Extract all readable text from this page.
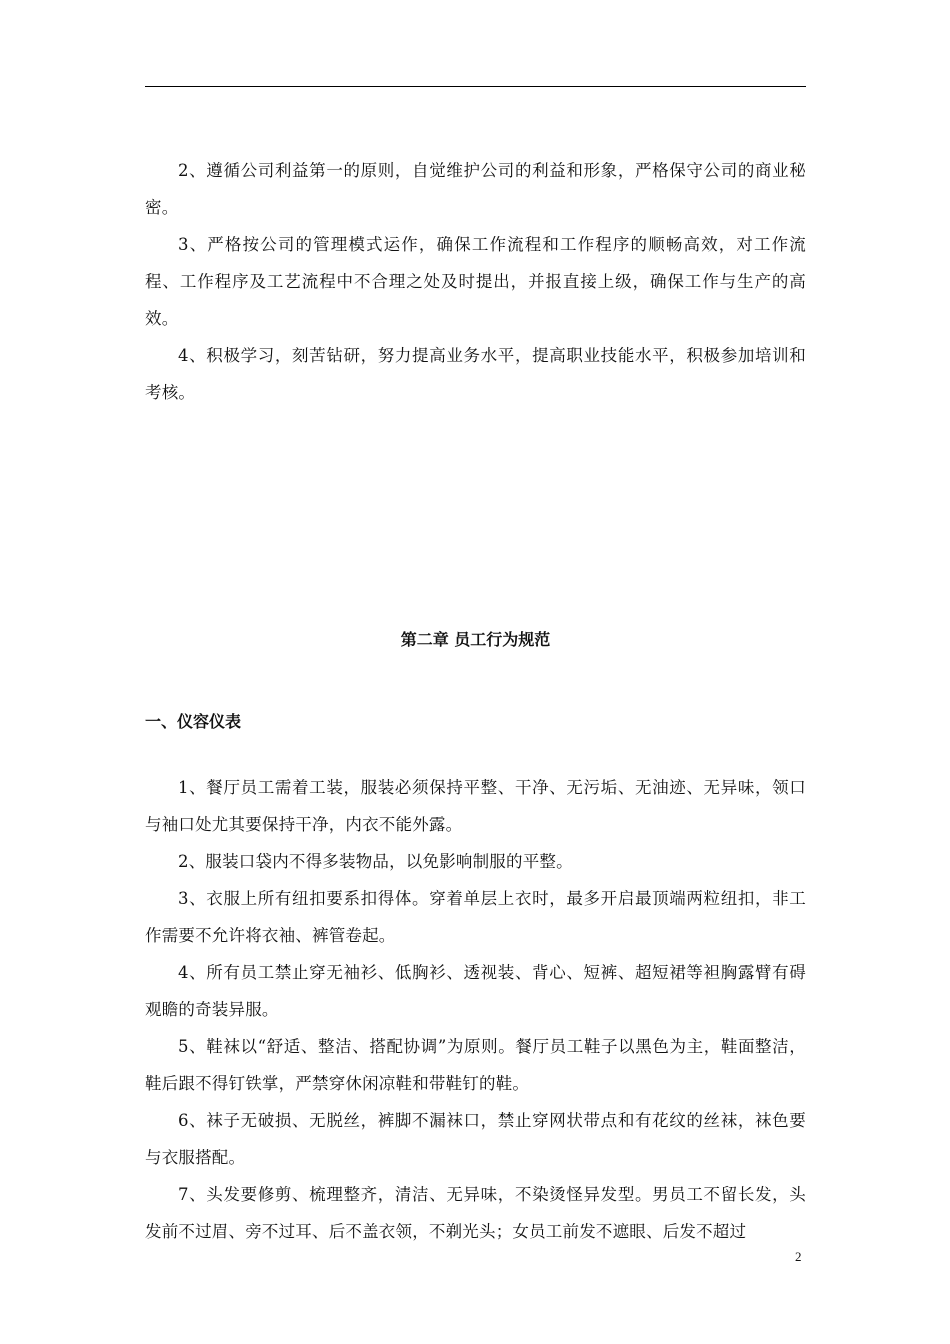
2、遵循公司利益第一的原则，自觉维护公司的利益和形象，严格保守公司的商业秘密。

3、严格按公司的管理模式运作，确保工作流程和工作程序的顺畅高效，对工作流程、工作程序及工艺流程中不合理之处及时提出，并报直接上级，确保工作与生产的高效。

4、积极学习，刻苦钻研，努力提高业务水平，提高职业技能水平，积极参加培训和考核。

第二章 员工行为规范
一、仪容仪表

1、餐厅员工需着工装，服装必须保持平整、干净、无污垢、无油迹、无异味，领口与袖口处尤其要保持干净，内衣不能外露。

2、服装口袋内不得多装物品，以免影响制服的平整。

3、衣服上所有纽扣要系扣得体。穿着单层上衣时，最多开启最顶端两粒纽扣，非工作需要不允许将衣袖、裤管卷起。

4、所有员工禁止穿无袖衫、低胸衫、透视装、背心、短裤、超短裙等袒胸露臂有碍观瞻的奇装异服。

5、鞋袜以“舒适、整洁、搭配协调”为原则。餐厅员工鞋子以黑色为主，鞋面整洁，鞋后跟不得钉铁掌，严禁穿休闲凉鞋和带鞋钉的鞋。

6、袜子无破损、无脱丝，裤脚不漏袜口，禁止穿网状带点和有花纹的丝袜，袜色要与衣服搭配。

7、头发要修剪、梳理整齐，清洁、无异味，不染烫怪异发型。男员工不留长发，头发前不过眉、旁不过耳、后不盖衣领，不剃光头；女员工前发不遮眼、后发不超过

2
